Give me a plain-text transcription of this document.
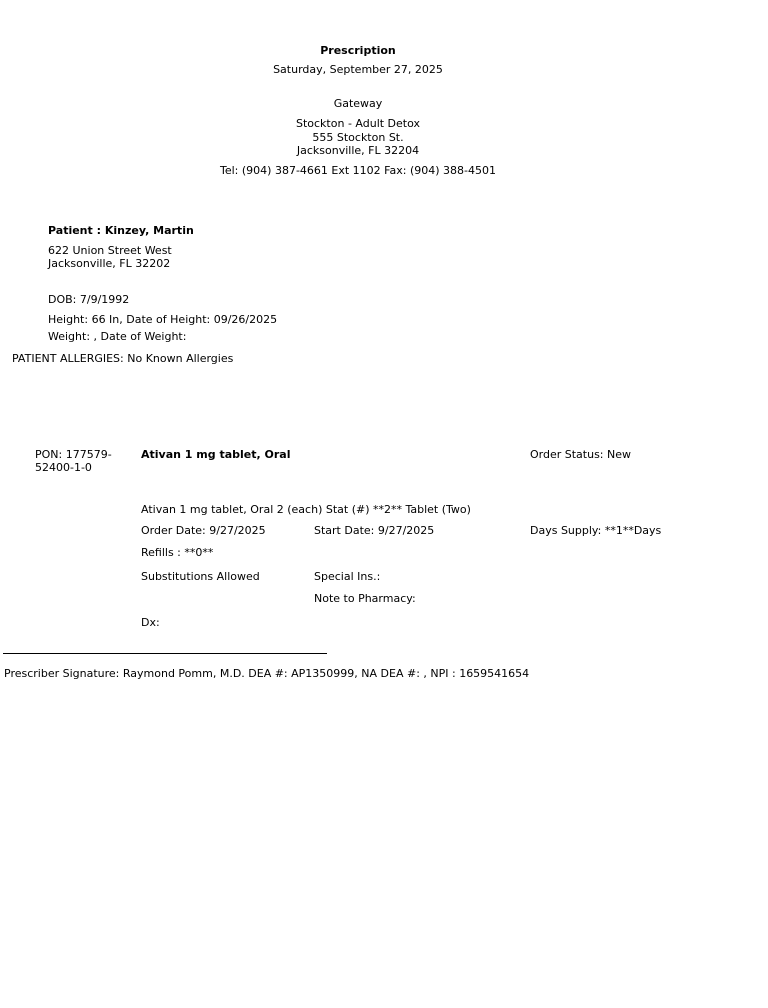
Prescription
Saturday, September 27, 2025
Gateway
Stockton - Adult Detox
555 Stockton St.
Jacksonville, FL 32204
Tel: (904) 387-4661 Ext 1102 Fax: (904) 388-4501
Patient : Kinzey, Martin
622 Union Street West
Jacksonville, FL 32202
DOB: 7/9/1992
Height: 66 In, Date of Height: 09/26/2025
Weight: , Date of Weight:
PATIENT ALLERGIES: No Known Allergies
PON: 177579-
52400-1-0
Ativan 1 mg tablet, Oral	Order Status: New
Ativan 1 mg tablet, Oral 2 (each) Stat (#) **2** Tablet (Two)
Order Date: 9/27/2025	Start Date: 9/27/2025	Days Supply: **1**Days
Refills : **0**
Substitutions Allowed	Special Ins.:
Note to Pharmacy:
Dx:
Prescriber Signature: Raymond Pomm, M.D. DEA #: AP1350999, NA DEA #: , NPI : 1659541654
